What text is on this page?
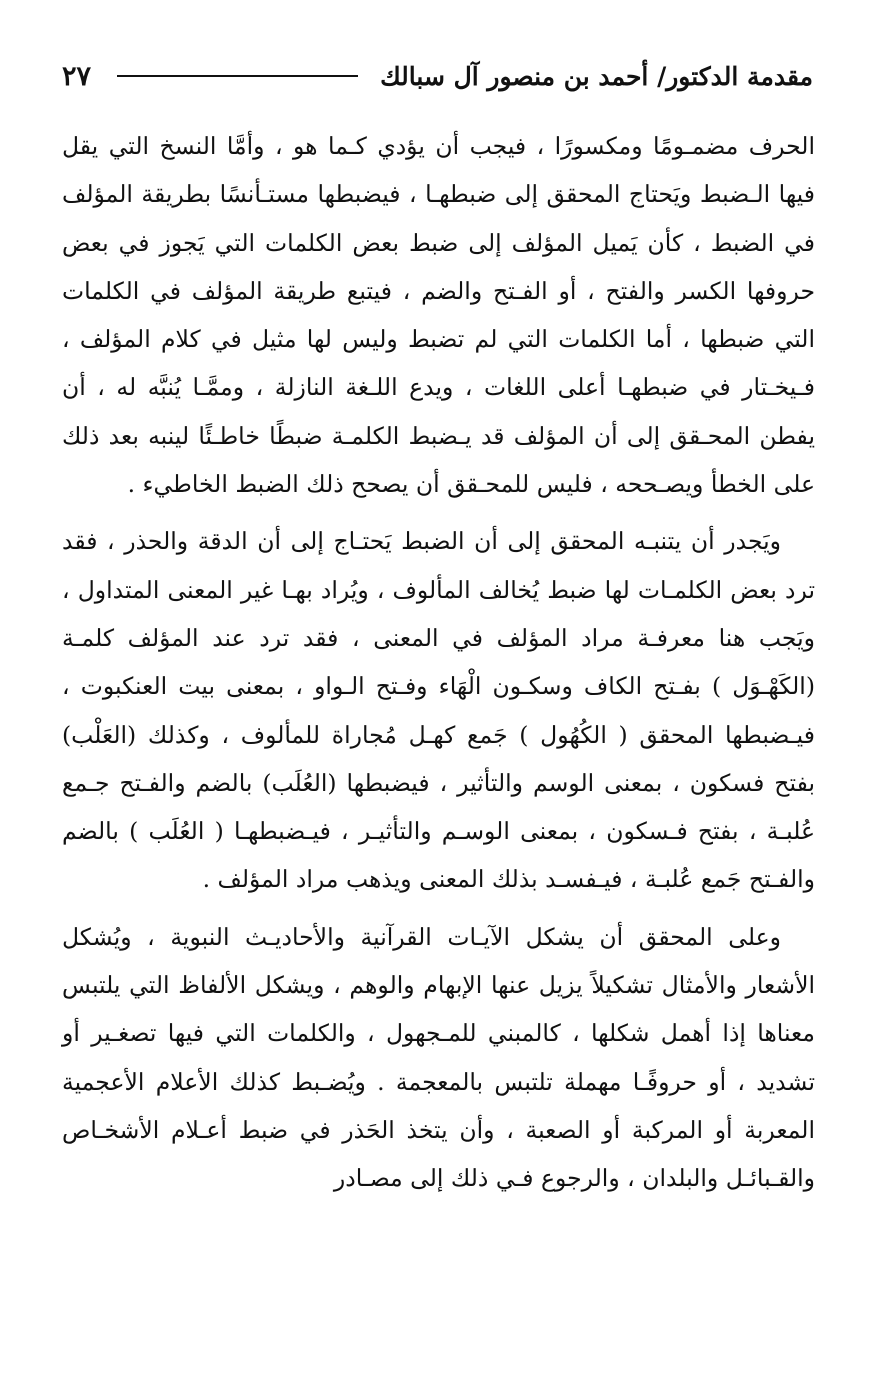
مقدمة الدكتور/ أحمد بن منصور آل سبالك
٢٧

الحرف مضمـومًا ومكسورًا ، فيجب أن يؤدي كـما هو ، وأمَّا النسخ التي يقل فيها الـضبط ويَحتاج المحقق إلى ضبطهـا ، فيضبطها مستـأنسًا بطريقة المؤلف في الضبط ، كأن يَميل المؤلف إلى ضبط بعض الكلمات التي يَجوز في بعض حروفها الكسر والفتح ، أو الفـتح والضم ، فيتبع طريقة المؤلف في الكلمات التي ضبطها ، أما الكلمات التي لم تضبط وليس لها مثيل في كلام المؤلف ، فـيخـتار في ضبطهـا أعلى اللغات ، ويدع اللـغة النازلة ، وممَّـا يُنبَّه له ، أن يفطن المحـقق إلى أن المؤلف قد يـضبط الكلمـة ضبطًا خاطـئًا لينبه بعد ذلك على الخطأ ويصـححه ، فليس للمحـقق أن يصحح ذلك الضبط الخاطيء .

ويَجدر أن يتنبـه المحقق إلى أن الضبط يَحتـاج إلى أن الدقة والحذر ، فقد ترد بعض الكلمـات لها ضبط يُخالف المألوف ، ويُراد بهـا غير المعنى المتداول ، ويَجب هنا معرفـة مراد المؤلف في المعنى ، فقد ترد عند المؤلف كلمـة (الكَهْـوَل ) بفـتح الكاف وسكـون الْهَاء وفـتح الـواو ، بمعنى بيت العنكبوت ، فيـضبطها المحقق ( الكُهُول ) جَمع كهـل مُجاراة للمألوف ، وكذلك (العَلْب) بفتح فسكون ، بمعنى الوسم والتأثير ، فيضبطها (العُلَب) بالضم والفـتح جـمع عُلبـة ، بفتح فـسكون ، بمعنى الوسـم والتأثيـر ، فيـضبطهـا ( العُلَب ) بالضم والفـتح جَمع عُلبـة ، فيـفسـد بذلك المعنى ويذهب مراد المؤلف .

وعلى المحقق أن يشكل الآيـات القرآنية والأحاديـث النبوية ، ويُشكل الأشعار والأمثال تشكيلاً يزيل عنها الإبهام والوهم ، ويشكل الألفاظ التي يلتبس معناها إذا أهمل شكلها ، كالمبني للمـجهول ، والكلمات التي فيها تصغـير أو تشديد ، أو حروفًـا مهملة تلتبس بالمعجمة . ويُضـبط كذلك الأعلام الأعجمية المعربة أو المركبة أو الصعبة ، وأن يتخذ الحَذر في ضبط أعـلام الأشخـاص والقـبائـل والبلدان ، والرجوع فـي ذلك إلى مصـادر
